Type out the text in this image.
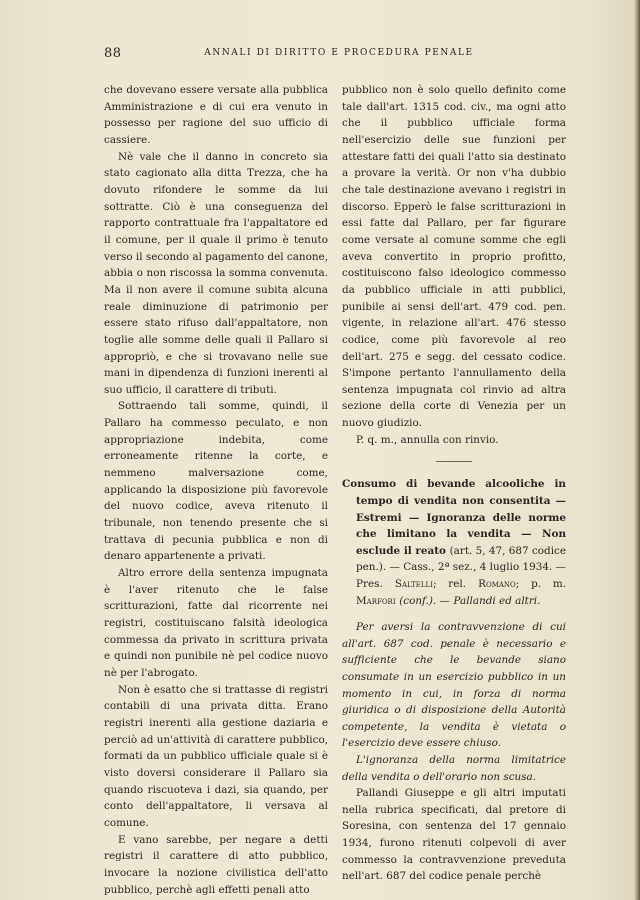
88	ANNALI DI DIRITTO E PROCEDURA PENALE

che dovevano essere versate alla pubblica Amministrazione e di cui era venuto in possesso per ragione del suo ufficio di cassiere.

Nè vale che il danno in concreto sia stato cagionato alla ditta Trezza, che ha dovuto rifondere le somme da lui sottratte. Ciò è una conseguenza del rapporto contrattuale fra l'appaltatore ed il comune, per il quale il primo è tenuto verso il secondo al pagamento del canone, abbia o non riscossa la somma convenuta. Ma il non avere il comune subita alcuna reale diminuzione di patrimonio per essere stato rifuso dall'appaltatore, non toglie alle somme delle quali il Pallaro si appropriò, e che si trovavano nelle sue mani in dipendenza di funzioni inerenti al suo ufficio, il carattere di tributi.

Sottraendo tali somme, quindi, il Pallaro ha commesso peculato, e non appropriazione indebita, come erroneamente ritenne la corte, e nemmeno malversazione come, applicando la disposizione più favorevole del nuovo codice, aveva ritenuto il tribunale, non tenendo presente che si trattava di pecunia pubblica e non di denaro appartenente a privati.

Altro errore della sentenza impugnata è l'aver ritenuto che le false scritturazioni, fatte dal ricorrente nei registri, costituiscano falsità ideologica commessa da privato in scrittura privata e quindi non punibile nè pel codice nuovo nè per l'abrogato.

Non è esatto che si trattasse di registri contabili di una privata ditta. Erano registri inerenti alla gestione daziaria e perciò ad un'attività di carattere pubblico, formati da un pubblico ufficiale quale si è visto doversi considerare il Pallaro sia quando riscuoteva i dazi, sia quando, per conto dell'appaltatore, li versava al comune.

E vano sarebbe, per negare a detti registri il carattere di atto pubblico, invocare la nozione civilistica dell'atto pubblico, perchè agli effetti penali atto

pubblico non è solo quello definito come tale dall'art. 1315 cod. civ., ma ogni atto che il pubblico ufficiale forma nell'esercizio delle sue funzioni per attestare fatti dei quali l'atto sia destinato a provare la verità. Or non v'ha dubbio che tale destinazione avevano i registri in discorso. Epperò le false scritturazioni in essi fatte dal Pallaro, per far figurare come versate al comune somme che egli aveva convertito in proprio profitto, costituiscono falso ideologico commesso da pubblico ufficiale in atti pubblici, punibile ai sensi dell'art. 479 cod. pen. vigente, in relazione all'art. 476 stesso codice, come più favorevole al reo dell'art. 275 e segg. del cessato codice. S'impone pertanto l'annullamento della sentenza impugnata col rinvio ad altra sezione della corte di Venezia per un nuovo giudizio.

P. q. m., annulla con rinvio.

Consumo di bevande alcooliche in tempo di vendita non consentita — Estremi — Ignoranza delle norme che limitano la vendita — Non esclude il reato (art. 5, 47, 687 codice pen.). — Cass., 2ª sez., 4 luglio 1934. — Pres. Saltelli; rel. Romano; p. m. Marfori (conf.). — Pallandi ed altri.

Per aversi la contravvenzione di cui all'art. 687 cod. penale è necessario e sufficiente che le bevande siano consumate in un esercizio pubblico in un momento in cui, in forza di norma giuridica o di disposizione della Autorità competente, la vendita è vietata o l'esercizio deve essere chiuso.

L'ignoranza della norma limitatrice della vendita o dell'orario non scusa.

Pallandi Giuseppe e gli altri imputati nella rubrica specificati, dal pretore di Soresina, con sentenza del 17 gennaio 1934, furono ritenuti colpevoli di aver commesso la contravvenzione preveduta nell'art. 687 del codice penale perchè
